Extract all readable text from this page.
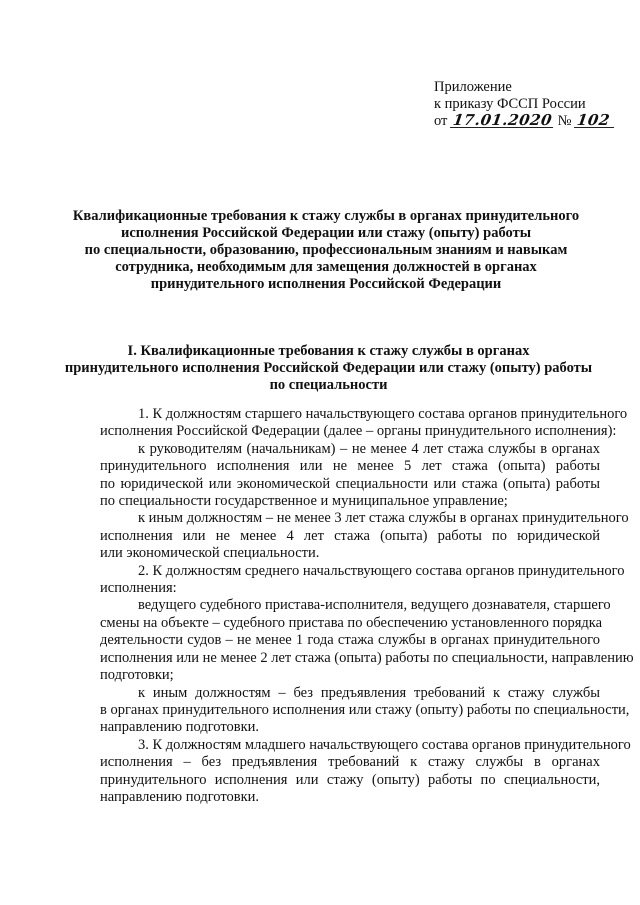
Приложение
к приказу ФССП России
от 17.01.2020 № 102
Квалификационные требования к стажу службы в органах принудительного
исполнения Российской Федерации или стажу (опыту) работы
по специальности, образованию, профессиональным знаниям и навыкам
сотрудника, необходимым для замещения должностей в органах
принудительного исполнения Российской Федерации
I. Квалификационные требования к стажу службы в органах
принудительного исполнения Российской Федерации или стажу (опыту) работы
по специальности
1. К должностям старшего начальствующего состава органов принудительного
исполнения Российской Федерации (далее – органы принудительного исполнения):
к руководителям (начальникам) – не менее 4 лет стажа службы в органах
принудительного исполнения или не менее 5 лет стажа (опыта) работы
по юридической или экономической специальности или стажа (опыта) работы
по специальности государственное и муниципальное управление;
к иным должностям – не менее 3 лет стажа службы в органах принудительного
исполнения или не менее 4 лет стажа (опыта) работы по юридической
или экономической специальности.
2. К должностям среднего начальствующего состава органов принудительного
исполнения:
ведущего судебного пристава-исполнителя, ведущего дознавателя, старшего
смены на объекте – судебного пристава по обеспечению установленного порядка
деятельности судов – не менее 1 года стажа службы в органах принудительного
исполнения или не менее 2 лет стажа (опыта) работы по специальности, направлению
подготовки;
к иным должностям – без предъявления требований к стажу службы
в органах принудительного исполнения или стажу (опыту) работы по специальности,
направлению подготовки.
3. К должностям младшего начальствующего состава органов принудительного
исполнения – без предъявления требований к стажу службы в органах
принудительного исполнения или стажу (опыту) работы по специальности,
направлению подготовки.
